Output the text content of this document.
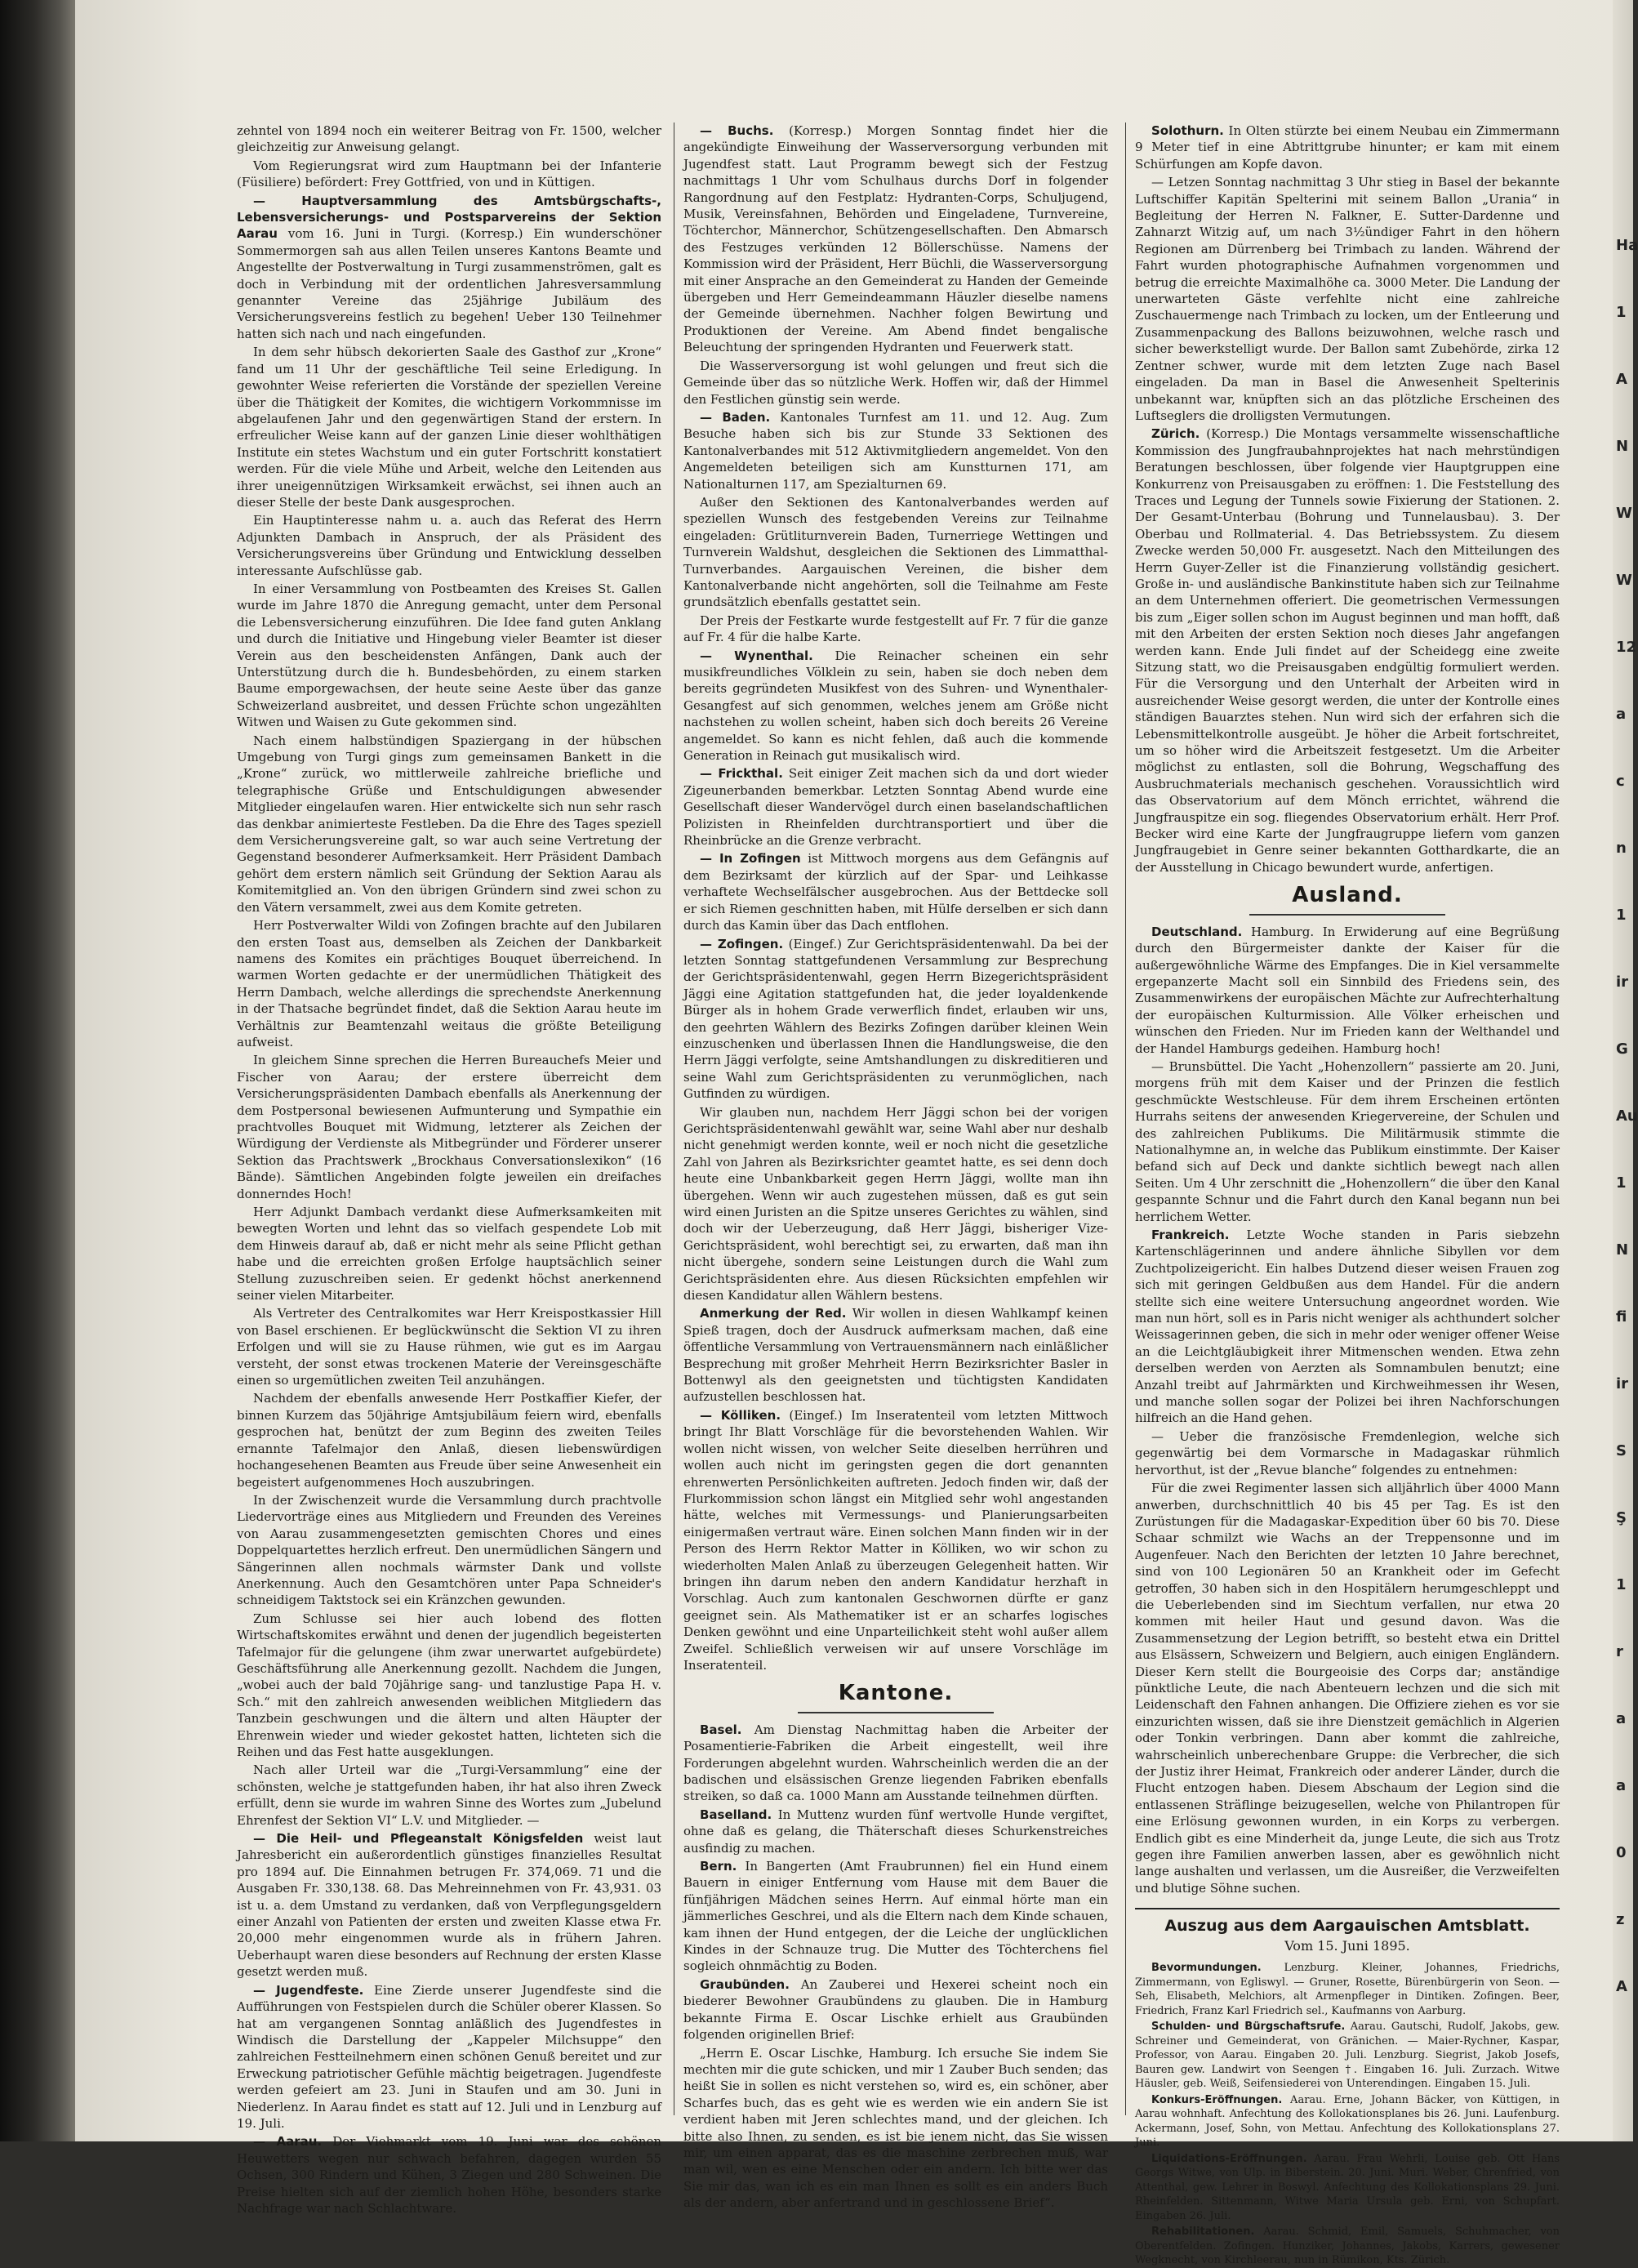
zehntel von 1894 noch ein weiterer Beitrag von Fr. 1500, welcher gleichzeitig zur Anweisung gelangt.

Vom Regierungsrat wird zum Hauptmann bei der Infanterie (Füsiliere) befördert: Frey Gottfried, von und in Küttigen.

— Hauptversammlung des Amtsbürgschafts-, Lebensversicherungs- und Postsparvereins der Sektion Aarau vom 16. Juni in Turgi. (Korresp.) Ein wunderschöner Sommermorgen sah aus allen Teilen unseres Kantons Beamte und Angestellte der Postverwaltung in Turgi zusammenströmen, galt es doch in Verbindung mit der ordentlichen Jahresversammlung genannter Vereine das 25jährige Jubiläum des Versicherungsvereins festlich zu begehen! Ueber 130 Teilnehmer hatten sich nach und nach eingefunden.

In dem sehr hübsch dekorierten Saale des Gasthof zur „Krone“ fand um 11 Uhr der geschäftliche Teil seine Erledigung. In gewohnter Weise referierten die Vorstände der speziellen Vereine über die Thätigkeit der Komites, die wichtigern Vorkommnisse im abgelaufenen Jahr und den gegenwärtigen Stand der erstern. In erfreulicher Weise kann auf der ganzen Linie dieser wohlthätigen Institute ein stetes Wachstum und ein guter Fortschritt konstatiert werden. Für die viele Mühe und Arbeit, welche den Leitenden aus ihrer uneigennützigen Wirksamkeit erwächst, sei ihnen auch an dieser Stelle der beste Dank ausgesprochen.

Ein Hauptinteresse nahm u. a. auch das Referat des Herrn Adjunkten Dambach in Anspruch, der als Präsident des Versicherungsvereins über Gründung und Entwicklung desselben interessante Aufschlüsse gab.

In einer Versammlung von Postbeamten des Kreises St. Gallen wurde im Jahre 1870 die Anregung gemacht, unter dem Personal die Lebensversicherung einzuführen. Die Idee fand guten Anklang und durch die Initiative und Hingebung vieler Beamter ist dieser Verein aus den bescheidensten Anfängen, Dank auch der Unterstützung durch die h. Bundesbehörden, zu einem starken Baume emporgewachsen, der heute seine Aeste über das ganze Schweizerland ausbreitet, und dessen Früchte schon ungezählten Witwen und Waisen zu Gute gekommen sind.

Nach einem halbstündigen Spaziergang in der hübschen Umgebung von Turgi gings zum gemeinsamen Bankett in die „Krone“ zurück, wo mittlerweile zahlreiche briefliche und telegraphische Grüße und Entschuldigungen abwesender Mitglieder eingelaufen waren. Hier entwickelte sich nun sehr rasch das denkbar animierteste Festleben. Da die Ehre des Tages speziell dem Versicherungsvereine galt, so war auch seine Vertretung der Gegenstand besonderer Aufmerksamkeit. Herr Präsident Dambach gehört dem erstern nämlich seit Gründung der Sektion Aarau als Komitemitglied an. Von den übrigen Gründern sind zwei schon zu den Vätern versammelt, zwei aus dem Komite getreten.

Herr Postverwalter Wildi von Zofingen brachte auf den Jubilaren den ersten Toast aus, demselben als Zeichen der Dankbarkeit namens des Komites ein prächtiges Bouquet überreichend. In warmen Worten gedachte er der unermüdlichen Thätigkeit des Herrn Dambach, welche allerdings die sprechendste Anerkennung in der Thatsache begründet findet, daß die Sektion Aarau heute im Verhältnis zur Beamtenzahl weitaus die größte Beteiligung aufweist.

In gleichem Sinne sprechen die Herren Bureauchefs Meier und Fischer von Aarau; der erstere überreicht dem Versicherungspräsidenten Dambach ebenfalls als Anerkennung der dem Postpersonal bewiesenen Aufmunterung und Sympathie ein prachtvolles Bouquet mit Widmung, letzterer als Zeichen der Würdigung der Verdienste als Mitbegründer und Förderer unserer Sektion das Prachtswerk „Brockhaus Conversationslexikon“ (16 Bände). Sämtlichen Angebinden folgte jeweilen ein dreifaches donnerndes Hoch!

Herr Adjunkt Dambach verdankt diese Aufmerksamkeiten mit bewegten Worten und lehnt das so vielfach gespendete Lob mit dem Hinweis darauf ab, daß er nicht mehr als seine Pflicht gethan habe und die erreichten großen Erfolge hauptsächlich seiner Stellung zuzuschreiben seien. Er gedenkt höchst anerkennend seiner vielen Mitarbeiter.

Als Vertreter des Centralkomites war Herr Kreispostkassier Hill von Basel erschienen. Er beglückwünscht die Sektion VI zu ihren Erfolgen und will sie zu Hause rühmen, wie gut es im Aargau versteht, der sonst etwas trockenen Materie der Vereinsgeschäfte einen so urgemütlichen zweiten Teil anzuhängen.

Nachdem der ebenfalls anwesende Herr Postkaffier Kiefer, der binnen Kurzem das 50jährige Amtsjubiläum feiern wird, ebenfalls gesprochen hat, benützt der zum Beginn des zweiten Teiles ernannte Tafelmajor den Anlaß, diesen liebenswürdigen hochangesehenen Beamten aus Freude über seine Anwesenheit ein begeistert aufgenommenes Hoch auszubringen.

In der Zwischenzeit wurde die Versammlung durch prachtvolle Liedervorträge eines aus Mitgliedern und Freunden des Vereines von Aarau zusammengesetzten gemischten Chores und eines Doppelquartettes herzlich erfreut. Den unermüdlichen Sängern und Sängerinnen allen nochmals wärmster Dank und vollste Anerkennung. Auch den Gesamtchören unter Papa Schneider's schneidigem Taktstock sei ein Kränzchen gewunden.

Zum Schlusse sei hier auch lobend des flotten Wirtschaftskomites erwähnt und denen der jugendlich begeisterten Tafelmajor für die gelungene (ihm zwar unerwartet aufgebürdete) Geschäftsführung alle Anerkennung gezollt. Nachdem die Jungen, „wobei auch der bald 70jährige sang- und tanzlustige Papa H. v. Sch.“ mit den zahlreich anwesenden weiblichen Mitgliedern das Tanzbein geschwungen und die ältern und alten Häupter der Ehrenwein wieder und wieder gekostet hatten, lichteten sich die Reihen und das Fest hatte ausgeklungen.

Nach aller Urteil war die „Turgi-Versammlung“ eine der schönsten, welche je stattgefunden haben, ihr hat also ihren Zweck erfüllt, denn sie wurde im wahren Sinne des Wortes zum „Jubelund Ehrenfest der Sektion VI“ L.V. und Mitglieder. —

— Die Heil- und Pflegeanstalt Königsfelden weist laut Jahresbericht ein außerordentlich günstiges finanzielles Resultat pro 1894 auf. Die Einnahmen betrugen Fr. 374,069. 71 und die Ausgaben Fr. 330,138. 68. Das Mehreinnehmen von Fr. 43,931. 03 ist u. a. dem Umstand zu verdanken, daß von Verpflegungsgeldern einer Anzahl von Patienten der ersten und zweiten Klasse etwa Fr. 20,000 mehr eingenommen wurde als in frühern Jahren. Ueberhaupt waren diese besonders auf Rechnung der ersten Klasse gesetzt werden muß.

— Jugendfeste. Eine Zierde unserer Jugendfeste sind die Aufführungen von Festspielen durch die Schüler oberer Klassen. So hat am vergangenen Sonntag anläßlich des Jugendfestes in Windisch die Darstellung der „Kappeler Milchsuppe“ den zahlreichen Festteilnehmern einen schönen Genuß bereitet und zur Erweckung patriotischer Gefühle mächtig beigetragen. Jugendfeste werden gefeiert am 23. Juni in Staufen und am 30. Juni in Niederlenz. In Aarau findet es statt auf 12. Juli und in Lenzburg auf 19. Juli.

— Aarau. Der Viehmarkt vom 19. Juni war des schönen Heuwetters wegen nur schwach befahren, dagegen wurden 55 Ochsen, 300 Rindern und Kühen, 3 Ziegen und 280 Schweinen. Die Preise hielten sich auf der ziemlich hohen Höhe, besonders starke Nachfrage war nach Schlachtware.

— Buchs. (Korresp.) Morgen Sonntag findet hier die angekündigte Einweihung der Wasserversorgung verbunden mit Jugendfest statt. Laut Programm bewegt sich der Festzug nachmittags 1 Uhr vom Schulhaus durchs Dorf in folgender Rangordnung auf den Festplatz: Hydranten-Corps, Schuljugend, Musik, Vereinsfahnen, Behörden und Eingeladene, Turnvereine, Töchterchor, Männerchor, Schützengesellschaften. Den Abmarsch des Festzuges verkünden 12 Böllerschüsse. Namens der Kommission wird der Präsident, Herr Büchli, die Wasserversorgung mit einer Ansprache an den Gemeinderat zu Handen der Gemeinde übergeben und Herr Gemeindeammann Häuzler dieselbe namens der Gemeinde übernehmen. Nachher folgen Bewirtung und Produktionen der Vereine. Am Abend findet bengalische Beleuchtung der springenden Hydranten und Feuerwerk statt.

Die Wasserversorgung ist wohl gelungen und freut sich die Gemeinde über das so nützliche Werk. Hoffen wir, daß der Himmel den Festlichen günstig sein werde.

— Baden. Kantonales Turnfest am 11. und 12. Aug. Zum Besuche haben sich bis zur Stunde 33 Sektionen des Kantonalverbandes mit 512 Aktivmitgliedern angemeldet. Von den Angemeldeten beteiligen sich am Kunstturnen 171, am Nationalturnen 117, am Spezialturnen 69.

Außer den Sektionen des Kantonalverbandes werden auf speziellen Wunsch des festgebenden Vereins zur Teilnahme eingeladen: Grütliturnverein Baden, Turnerriege Wettingen und Turnverein Waldshut, desgleichen die Sektionen des Limmatthal-Turnverbandes. Aargauischen Vereinen, die bisher dem Kantonalverbande nicht angehörten, soll die Teilnahme am Feste grundsätzlich ebenfalls gestattet sein.

Der Preis der Festkarte wurde festgestellt auf Fr. 7 für die ganze auf Fr. 4 für die halbe Karte.

— Wynenthal. Die Reinacher scheinen ein sehr musikfreundliches Völklein zu sein, haben sie doch neben dem bereits gegründeten Musikfest von des Suhren- und Wynenthaler-Gesangfest auf sich genommen, welches jenem am Größe nicht nachstehen zu wollen scheint, haben sich doch bereits 26 Vereine angemeldet. So kann es nicht fehlen, daß auch die kommende Generation in Reinach gut musikalisch wird.

— Frickthal. Seit einiger Zeit machen sich da und dort wieder Zigeunerbanden bemerkbar. Letzten Sonntag Abend wurde eine Gesellschaft dieser Wandervögel durch einen baselandschaftlichen Polizisten in Rheinfelden durchtransportiert und über die Rheinbrücke an die Grenze verbracht.

— In Zofingen ist Mittwoch morgens aus dem Gefängnis auf dem Bezirksamt der kürzlich auf der Spar- und Leihkasse verhaftete Wechselfälscher ausgebrochen. Aus der Bettdecke soll er sich Riemen geschnitten haben, mit Hülfe derselben er sich dann durch das Kamin über das Dach entflohen.

— Zofingen. (Eingef.) Zur Gerichtspräsidentenwahl. Da bei der letzten Sonntag stattgefundenen Versammlung zur Besprechung der Gerichtspräsidentenwahl, gegen Herrn Bizegerichtspräsident Jäggi eine Agitation stattgefunden hat, die jeder loyaldenkende Bürger als in hohem Grade verwerflich findet, erlauben wir uns, den geehrten Wählern des Bezirks Zofingen darüber kleinen Wein einzuschenken und überlassen Ihnen die Handlungsweise, die den Herrn Jäggi verfolgte, seine Amtshandlungen zu diskreditieren und seine Wahl zum Gerichtspräsidenten zu verunmöglichen, nach Gutfinden zu würdigen.

Wir glauben nun, nachdem Herr Jäggi schon bei der vorigen Gerichtspräsidentenwahl gewählt war, seine Wahl aber nur deshalb nicht genehmigt werden konnte, weil er noch nicht die gesetzliche Zahl von Jahren als Bezirksrichter geamtet hatte, es sei denn doch heute eine Unbankbarkeit gegen Herrn Jäggi, wollte man ihn übergehen. Wenn wir auch zugestehen müssen, daß es gut sein wird einen Juristen an die Spitze unseres Gerichtes zu wählen, sind doch wir der Ueberzeugung, daß Herr Jäggi, bisheriger Vize-Gerichtspräsident, wohl berechtigt sei, zu erwarten, daß man ihn nicht übergehe, sondern seine Leistungen durch die Wahl zum Gerichtspräsidenten ehre. Aus diesen Rücksichten empfehlen wir diesen Kandidatur allen Wählern bestens.

Anmerkung der Red. Wir wollen in diesen Wahlkampf keinen Spieß tragen, doch der Ausdruck aufmerksam machen, daß eine öffentliche Versammlung von Vertrauensmännern nach einläßlicher Besprechung mit großer Mehrheit Herrn Bezirksrichter Basler in Bottenwyl als den geeignetsten und tüchtigsten Kandidaten aufzustellen beschlossen hat.

— Kölliken. (Eingef.) Im Inseratenteil vom letzten Mittwoch bringt Ihr Blatt Vorschläge für die bevorstehenden Wahlen. Wir wollen nicht wissen, von welcher Seite dieselben herrühren und wollen auch nicht im geringsten gegen die dort genannten ehrenwerten Persönlichkeiten auftreten. Jedoch finden wir, daß der Flurkommission schon längst ein Mitglied sehr wohl angestanden hätte, welches mit Vermessungs- und Planierungsarbeiten einigermaßen vertraut wäre. Einen solchen Mann finden wir in der Person des Herrn Rektor Matter in Kölliken, wo wir schon zu wiederholten Malen Anlaß zu überzeugen Gelegenheit hatten. Wir bringen ihn darum neben den andern Kandidatur herzhaft in Vorschlag. Auch zum kantonalen Geschwornen dürfte er ganz geeignet sein. Als Mathematiker ist er an scharfes logisches Denken gewöhnt und eine Unparteilichkeit steht wohl außer allem Zweifel. Schließlich verweisen wir auf unsere Vorschläge im Inseratenteil.

Kantone.

Basel. Am Dienstag Nachmittag haben die Arbeiter der Posamentierie-Fabriken die Arbeit eingestellt, weil ihre Forderungen abgelehnt wurden. Wahrscheinlich werden die an der badischen und elsässischen Grenze liegenden Fabriken ebenfalls streiken, so daß ca. 1000 Mann am Ausstande teilnehmen dürften.

Baselland. In Muttenz wurden fünf wertvolle Hunde vergiftet, ohne daß es gelang, die Thäterschaft dieses Schurkenstreiches ausfindig zu machen.

Bern. In Bangerten (Amt Fraubrunnen) fiel ein Hund einem Bauern in einiger Entfernung vom Hause mit dem Bauer die fünfjährigen Mädchen seines Herrn. Auf einmal hörte man ein jämmerliches Geschrei, und als die Eltern nach dem Kinde schauen, kam ihnen der Hund entgegen, der die Leiche der unglücklichen Kindes in der Schnauze trug. Die Mutter des Töchterchens fiel sogleich ohnmächtig zu Boden.

Graubünden. An Zauberei und Hexerei scheint noch ein biederer Bewohner Graubündens zu glauben. Die in Hamburg bekannte Firma E. Oscar Lischke erhielt aus Graubünden folgenden originellen Brief:

„Herrn E. Oscar Lischke, Hamburg. Ich ersuche Sie indem Sie mechten mir die gute schicken, und mir 1 Zauber Buch senden; das heißt Sie in sollen es nicht verstehen so, wird es, ein schöner, aber Scharfes buch, das es geht wie es werden wie ein andern Sie ist verdient haben mit Jeren schlechtes mand, und der gleichen. Ich bitte also Ihnen, zu senden, es ist bie jenem nicht, das Sie wissen mir, um einen apparat, das es die maschine zerbrechen muß, war man wil, wen es eine Menschen oder ein andern. Ich bitte wer das Sie mir das, wan ich es ein man Ihnen es sollt es ein anders Buch als der andern, aber anfertrand und in geschlossene Brief“.

Solothurn. In Olten stürzte bei einem Neubau ein Zimmermann 9 Meter tief in eine Abtrittgrube hinunter; er kam mit einem Schürfungen am Kopfe davon.

— Letzen Sonntag nachmittag 3 Uhr stieg in Basel der bekannte Luftschiffer Kapitän Spelterini mit seinem Ballon „Urania“ in Begleitung der Herren N. Falkner, E. Sutter-Dardenne und Zahnarzt Witzig auf, um nach 3½ündiger Fahrt in den höhern Regionen am Dürrenberg bei Trimbach zu landen. Während der Fahrt wurden photographische Aufnahmen vorgenommen und betrug die erreichte Maximalhöhe ca. 3000 Meter. Die Landung der unerwarteten Gäste verfehlte nicht eine zahlreiche Zuschauermenge nach Trimbach zu locken, um der Entleerung und Zusammenpackung des Ballons beizuwohnen, welche rasch und sicher bewerkstelligt wurde. Der Ballon samt Zubehörde, zirka 12 Zentner schwer, wurde mit dem letzten Zuge nach Basel eingeladen. Da man in Basel die Anwesenheit Spelterinis unbekannt war, knüpften sich an das plötzliche Erscheinen des Luftseglers die drolligsten Vermutungen.

Zürich. (Korresp.) Die Montags versammelte wissenschaftliche Kommission des Jungfraubahnprojektes hat nach mehrstündigen Beratungen beschlossen, über folgende vier Hauptgruppen eine Konkurrenz von Preisausgaben zu eröffnen: 1. Die Feststellung des Traces und Legung der Tunnels sowie Fixierung der Stationen. 2. Der Gesamt-Unterbau (Bohrung und Tunnelausbau). 3. Der Oberbau und Rollmaterial. 4. Das Betriebssystem. Zu diesem Zwecke werden 50,000 Fr. ausgesetzt. Nach den Mitteilungen des Herrn Guyer-Zeller ist die Finanzierung vollständig gesichert. Große in- und ausländische Bankinstitute haben sich zur Teilnahme an dem Unternehmen offeriert. Die geometrischen Vermessungen bis zum „Eiger sollen schon im August beginnen und man hofft, daß mit den Arbeiten der ersten Sektion noch dieses Jahr angefangen werden kann. Ende Juli findet auf der Scheidegg eine zweite Sitzung statt, wo die Preisausgaben endgültig formuliert werden. Für die Versorgung und den Unterhalt der Arbeiten wird in ausreichender Weise gesorgt werden, die unter der Kontrolle eines ständigen Bauarztes stehen. Nun wird sich der erfahren sich die Lebensmittelkontrolle ausgeübt. Je höher die Arbeit fortschreitet, um so höher wird die Arbeitszeit festgesetzt. Um die Arbeiter möglichst zu entlasten, soll die Bohrung, Wegschaffung des Ausbruchmaterials mechanisch geschehen. Voraussichtlich wird das Observatorium auf dem Mönch errichtet, während die Jungfrauspitze ein sog. fliegendes Observatorium erhält. Herr Prof. Becker wird eine Karte der Jungfraugruppe liefern vom ganzen Jungfraugebiet in Genre seiner bekannten Gotthardkarte, die an der Ausstellung in Chicago bewundert wurde, anfertigen.

Ausland.

Deutschland. Hamburg. In Erwiderung auf eine Begrüßung durch den Bürgermeister dankte der Kaiser für die außergewöhnliche Wärme des Empfanges. Die in Kiel versammelte ergepanzerte Macht soll ein Sinnbild des Friedens sein, des Zusammenwirkens der europäischen Mächte zur Aufrechterhaltung der europäischen Kulturmission. Alle Völker erheischen und wünschen den Frieden. Nur im Frieden kann der Welthandel und der Handel Hamburgs gedeihen. Hamburg hoch!

— Brunsbüttel. Die Yacht „Hohenzollern“ passierte am 20. Juni, morgens früh mit dem Kaiser und der Prinzen die festlich geschmückte Westschleuse. Für dem ihrem Erscheinen ertönten Hurrahs seitens der anwesenden Kriegervereine, der Schulen und des zahlreichen Publikums. Die Militärmusik stimmte die Nationalhymne an, in welche das Publikum einstimmte. Der Kaiser befand sich auf Deck und dankte sichtlich bewegt nach allen Seiten. Um 4 Uhr zerschnitt die „Hohenzollern“ die über den Kanal gespannte Schnur und die Fahrt durch den Kanal begann nun bei herrlichem Wetter.

Frankreich. Letzte Woche standen in Paris siebzehn Kartenschlägerinnen und andere ähnliche Sibyllen vor dem Zuchtpolizeigericht. Ein halbes Dutzend dieser weisen Frauen zog sich mit geringen Geldbußen aus dem Handel. Für die andern stellte sich eine weitere Untersuchung angeordnet worden. Wie man nun hört, soll es in Paris nicht weniger als achthundert solcher Weissagerinnen geben, die sich in mehr oder weniger offener Weise an die Leichtgläubigkeit ihrer Mitmenschen wenden. Etwa zehn derselben werden von Aerzten als Somnambulen benutzt; eine Anzahl treibt auf Jahrmärkten und Kirchweihmessen ihr Wesen, und manche sollen sogar der Polizei bei ihren Nachforschungen hilfreich an die Hand gehen.

— Ueber die französische Fremdenlegion, welche sich gegenwärtig bei dem Vormarsche in Madagaskar rühmlich hervorthut, ist der „Revue blanche“ folgendes zu entnehmen:

Für die zwei Regimenter lassen sich alljährlich über 4000 Mann anwerben, durchschnittlich 40 bis 45 per Tag. Es ist den Zurüstungen für die Madagaskar-Expedition über 60 bis 70. Diese Schaar schmilzt wie Wachs an der Treppensonne und im Augenfeuer. Nach den Berichten der letzten 10 Jahre berechnet, sind von 100 Legionären 50 an Krankheit oder im Gefecht getroffen, 30 haben sich in den Hospitälern herumgeschleppt und die Ueberlebenden sind im Siechtum verfallen, nur etwa 20 kommen mit heiler Haut und gesund davon. Was die Zusammensetzung der Legion betrifft, so besteht etwa ein Drittel aus Elsässern, Schweizern und Belgiern, auch einigen Engländern. Dieser Kern stellt die Bourgeoisie des Corps dar; anständige pünktliche Leute, die nach Abenteuern lechzen und die sich mit Leidenschaft den Fahnen anhangen. Die Offiziere ziehen es vor sie einzurichten wissen, daß sie ihre Dienstzeit gemächlich in Algerien oder Tonkin verbringen. Dann aber kommt die zahlreiche, wahrscheinlich unberechenbare Gruppe: die Verbrecher, die sich der Justiz ihrer Heimat, Frankreich oder anderer Länder, durch die Flucht entzogen haben. Diesem Abschaum der Legion sind die entlassenen Sträflinge beizugesellen, welche von Philantropen für eine Erlösung gewonnen wurden, in ein Korps zu verbergen. Endlich gibt es eine Minderheit da, junge Leute, die sich aus Trotz gegen ihre Familien anwerben lassen, aber es gewöhnlich nicht lange aushalten und verlassen, um die Ausreißer, die Verzweifelten und blutige Söhne suchen.

Auszug aus dem Aargauischen Amtsblatt.
Vom 15. Juni 1895.

Bevormundungen. Lenzburg. Kleiner, Johannes, Friedrichs, Zimmermann, von Egliswyl. — Gruner, Rosette, Bürenbürgerin von Seon. — Seh, Elisabeth, Melchiors, alt Armenpfleger in Dintiken. Zofingen. Beer, Friedrich, Franz Karl Friedrich sel., Kaufmanns von Aarburg.

Schulden- und Bürgschaftsrufe. Aarau. Gautschi, Rudolf, Jakobs, gew. Schreiner und Gemeinderat, von Gränichen. — Maier-Rychner, Kaspar, Professor, von Aarau. Eingaben 20. Juli. Lenzburg. Siegrist, Jakob Josefs, Bauren gew. Landwirt von Seengen †. Eingaben 16. Juli. Zurzach. Witwe Häusler, geb. Weiß, Seifensiederei von Unterendingen. Eingaben 15. Juli.

Konkurs-Eröffnungen. Aarau. Erne, Johann Bäcker, von Küttigen, in Aarau wohnhaft. Anfechtung des Kollokationsplanes bis 26. Juni. Laufenburg. Ackermann, Josef, Sohn, von Mettau. Anfechtung des Kollokationsplans 27. Juni.

Liquidations-Eröffnungen. Aarau. Frau Wehrli, Louise geb. Ott Hans Georgs Witwe, von Ulp. in Biberstein. 20. Juni. Muri. Weber, Chrenfried, von Attenthal, gew. Lehrer in Boswyl. Anfechtung des Kollokationsplans 29. Juni. Rheinfelden. Sittenmann, Witwe Maria Ursula geb. Erni, von Schupfart. Eingaben 26. Juli.

Rehabilitationen. Aarau. Schmid, Emil, Samuels, Schuhmacher, von Oberentfelden. Zofingen. Hunziker, Johannes, Jakobs, Karrers, gewesener Wegknecht, von Kirchleerau, nun in Rümikon, Kts. Zürich.

Ha
1
A
N
W
W
12
a
c
n
1
ir
G
Au
1
N
fi
ir
S
Ş
1
r
a
a
0
z
A
